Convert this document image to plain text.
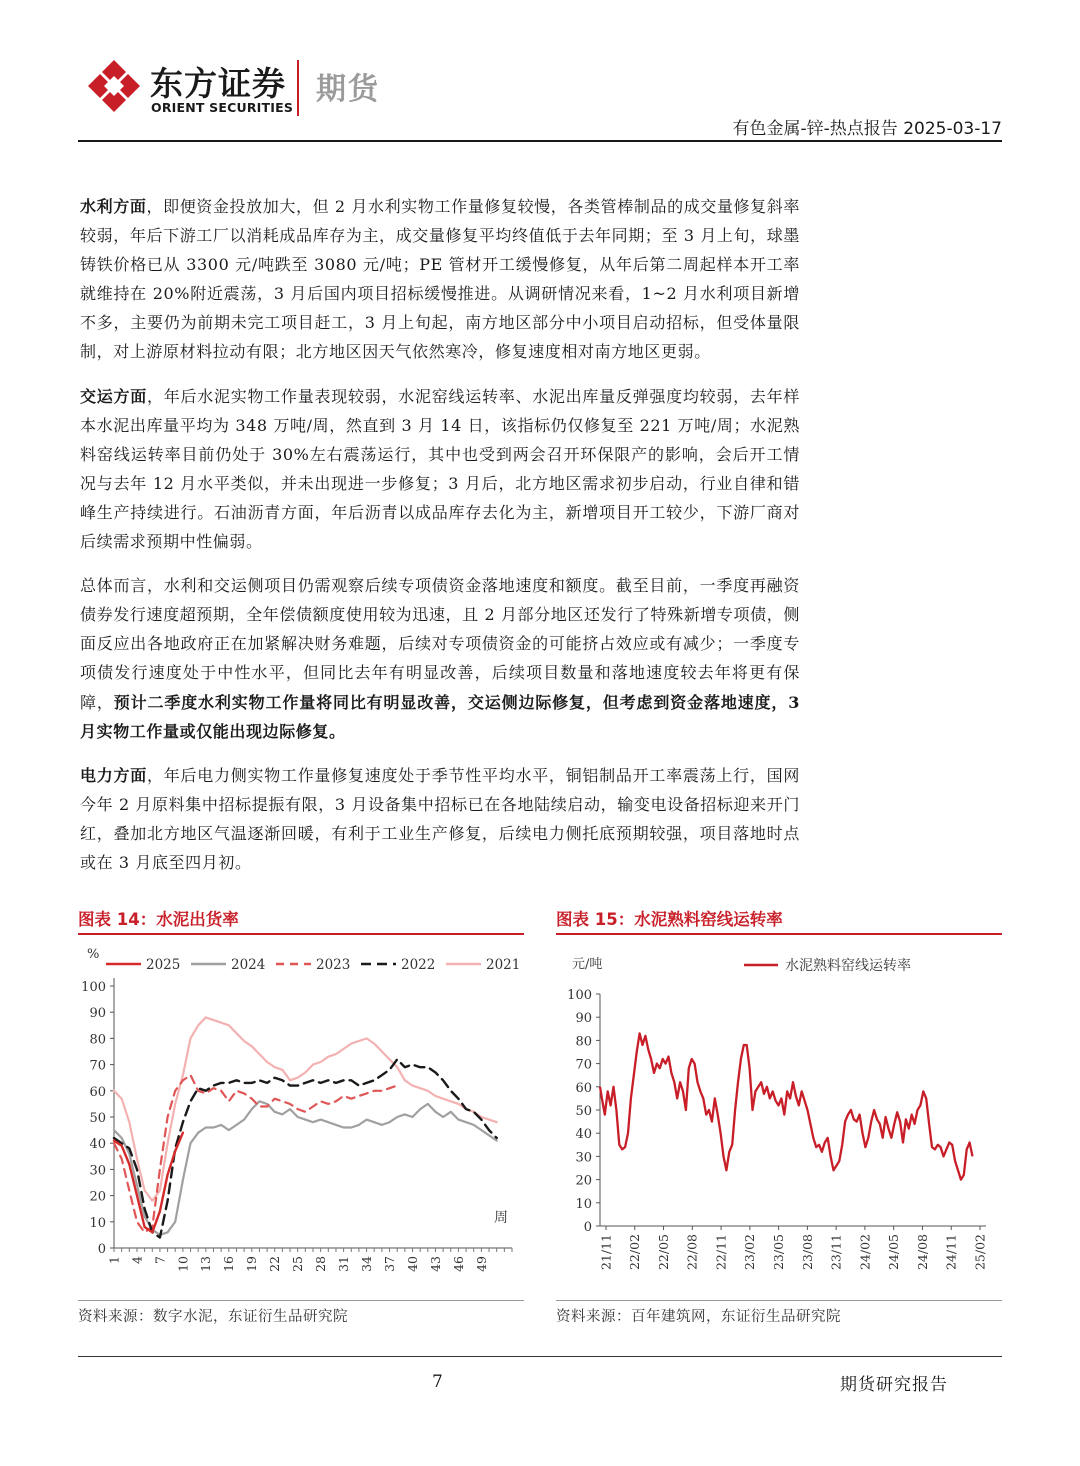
东方证券
ORIENT SECURITIES
期货
有色金属-锌-热点报告 2025-03-17

水利方面，即便资金投放加大，但 2 月水利实物工作量修复较慢，各类管棒制品的成交量修复斜率较弱，年后下游工厂以消耗成品库存为主，成交量修复平均终值低于去年同期；至 3 月上旬，球墨铸铁价格已从 3300 元/吨跌至 3080 元/吨；PE 管材开工缓慢修复，从年后第二周起样本开工率就维持在 20%附近震荡，3 月后国内项目招标缓慢推进。从调研情况来看，1~2 月水利项目新增不多，主要仍为前期未完工项目赶工，3 月上旬起，南方地区部分中小项目启动招标，但受体量限制，对上游原材料拉动有限；北方地区因天气依然寒冷，修复速度相对南方地区更弱。

交运方面，年后水泥实物工作量表现较弱，水泥窑线运转率、水泥出库量反弹强度均较弱，去年样本水泥出库量平均为 348 万吨/周，然直到 3 月 14 日，该指标仍仅修复至 221 万吨/周；水泥熟料窑线运转率目前仍处于 30%左右震荡运行，其中也受到两会召开环保限产的影响，会后开工情况与去年 12 月水平类似，并未出现进一步修复；3 月后，北方地区需求初步启动，行业自律和错峰生产持续进行。石油沥青方面，年后沥青以成品库存去化为主，新增项目开工较少，下游厂商对后续需求预期中性偏弱。

总体而言，水利和交运侧项目仍需观察后续专项债资金落地速度和额度。截至目前，一季度再融资债券发行速度超预期，全年偿债额度使用较为迅速，且 2 月部分地区还发行了特殊新增专项债，侧面反应出各地政府正在加紧解决财务难题，后续对专项债资金的可能挤占效应或有减少；一季度专项债发行速度处于中性水平，但同比去年有明显改善，后续项目数量和落地速度较去年将更有保障，预计二季度水利实物工作量将同比有明显改善，交运侧边际修复，但考虑到资金落地速度，3 月实物工作量或仅能出现边际修复。

电力方面，年后电力侧实物工作量修复速度处于季节性平均水平，铜铝制品开工率震荡上行，国网今年 2 月原料集中招标提振有限，3 月设备集中招标已在各地陆续启动，输变电设备招标迎来开门红，叠加北方地区气温逐渐回暖，有利于工业生产修复，后续电力侧托底预期较强，项目落地时点或在 3 月底至四月初。

图表 14：水泥出货率	图表 15：水泥熟料窑线运转率
2025	2024	2023	2022	2021
%
0
10
20
30
40
50
60
70
80
90
100
1 4 7 10 13 16 19 22 25 28 31 34 37 40 43 46 49
周
元/吨	水泥熟料窑线运转率
0
10
20
30
40
50
60
70
80
90
100
21/11 22/02 22/05 22/08 22/11 23/02 23/05 23/08 23/11 24/02 24/05 24/08 24/11 25/02
资料来源：数字水泥，东证衍生品研究院	资料来源：百年建筑网，东证衍生品研究院
7	期货研究报告
